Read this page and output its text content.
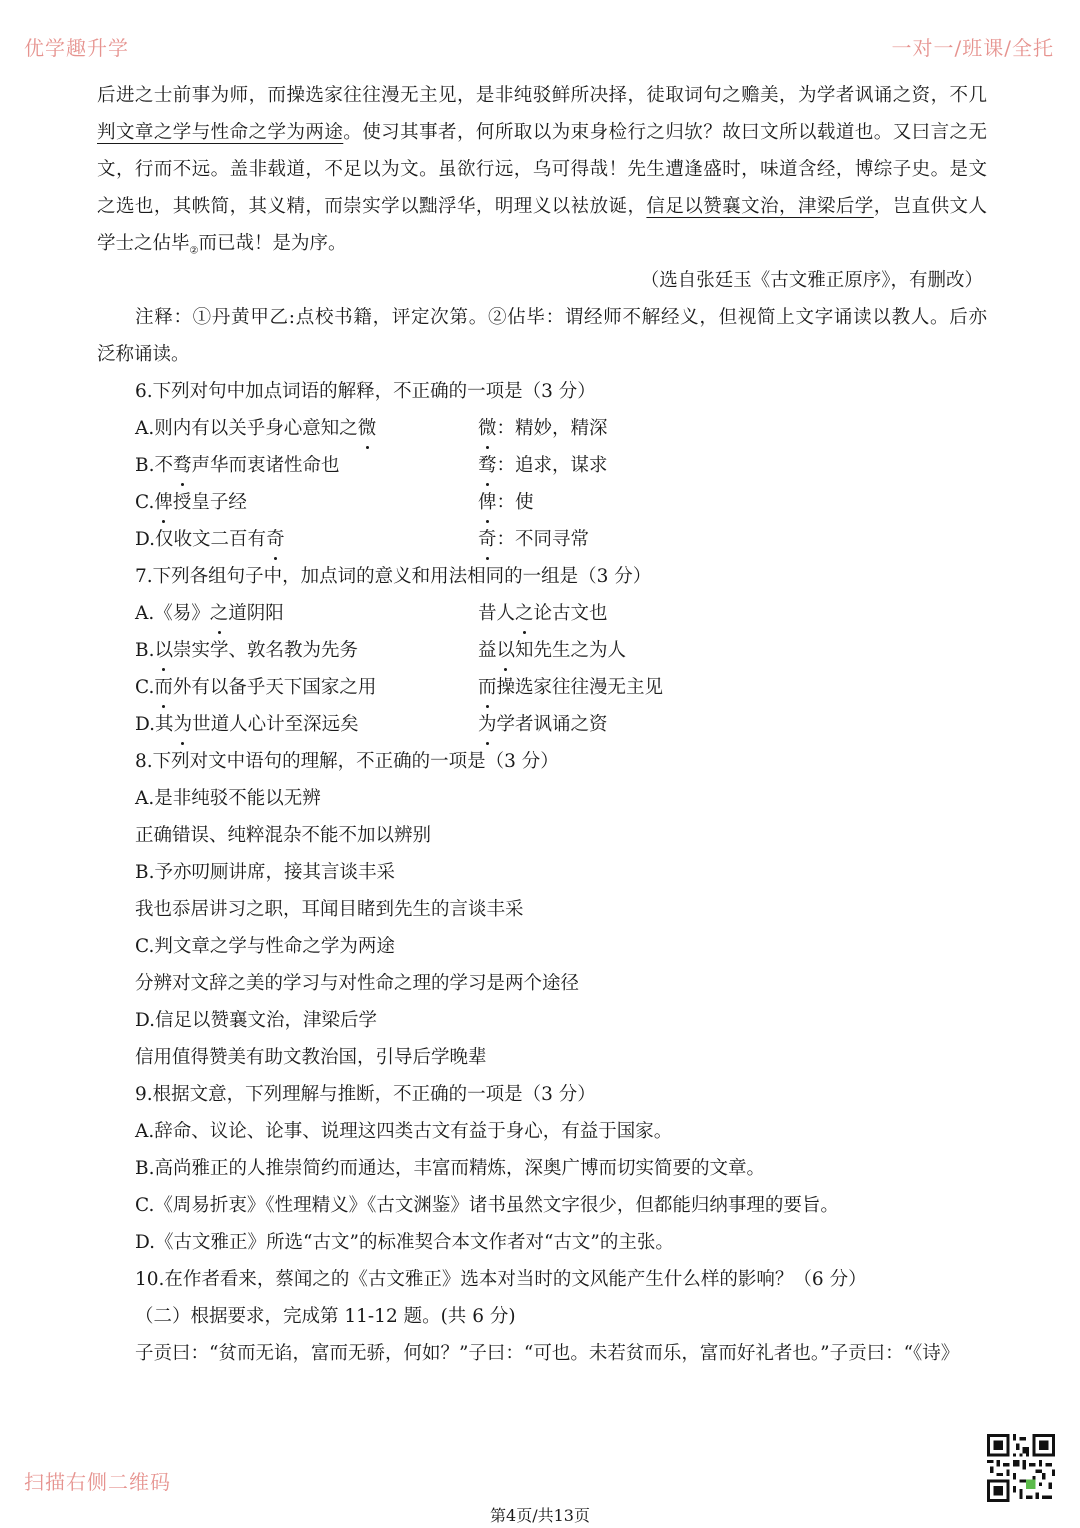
优学趣升学	一对一/班课/全托
后进之士前事为师，而操选家往往漫无主见，是非纯驳鲜所决择，徒取词句之赡美，为学者讽诵之资，不几
判文章之学与性命之学为两途。使习其事者，何所取以为束身检行之归欤？故曰文所以载道也。又曰言之无
文，行而不远。盖非载道，不足以为文。虽欲行远，乌可得哉！先生遭逢盛时，味道含经，博综子史。是文
之选也，其帙简，其义精，而崇实学以黜浮华，明理义以袪放诞，信足以赞襄文治，津梁后学，岂直供文人
学士之佔毕$_②$而已哉！是为序。
（选自张廷玉《古文雅正原序》，有删改）
注释：①丹黄甲乙:点校书籍，评定次第。②佔毕：谓经师不解经义，但视简上文字诵读以教人。后亦
泛称诵读。
6.下列对句中加点词语的解释，不正确的一项是（3 分）
A.则内有以关乎身心意知之微	微：精妙，精深
B.不骛声华而衷诸性命也	骛：追求，谋求
C.俾授皇子经	俾：使
D.仅收文二百有奇	奇：不同寻常
7.下列各组句子中，加点词的意义和用法相同的一组是（3 分）
A.《易》之道阴阳	昔人之论古文也
B.以崇实学、敦名教为先务	益以知先生之为人
C.而外有以备乎天下国家之用	而操选家往往漫无主见
D.其为世道人心计至深远矣	为学者讽诵之资
8.下列对文中语句的理解，不正确的一项是（3 分）
A.是非纯驳不能以无辨
正确错误、纯粹混杂不能不加以辨别
B.予亦叨厕讲席，接其言谈丰采
我也忝居讲习之职，耳闻目睹到先生的言谈丰采
C.判文章之学与性命之学为两途
分辨对文辞之美的学习与对性命之理的学习是两个途径
D.信足以赞襄文治，津梁后学
信用值得赞美有助文教治国，引导后学晚辈
9.根据文意，下列理解与推断，不正确的一项是（3 分）
A.辞命、议论、论事、说理这四类古文有益于身心，有益于国家。
B.高尚雅正的人推崇简约而通达，丰富而精炼，深奥广博而切实简要的文章。
C.《周易折衷》《性理精义》《古文渊鉴》诸书虽然文字很少，但都能归纳事理的要旨。
D.《古文雅正》所选“古文”的标准契合本文作者对“古文”的主张。
10.在作者看来，蔡闻之的《古文雅正》选本对当时的文风能产生什么样的影响？（6 分）
（二）根据要求，完成第 11-12 题。(共 6 分)
子贡曰：“贫而无谄，富而无骄，何如？”子曰：“可也。未若贫而乐，富而好礼者也。”子贡曰：“《诗》
扫描右侧二维码
第4页/共13页
